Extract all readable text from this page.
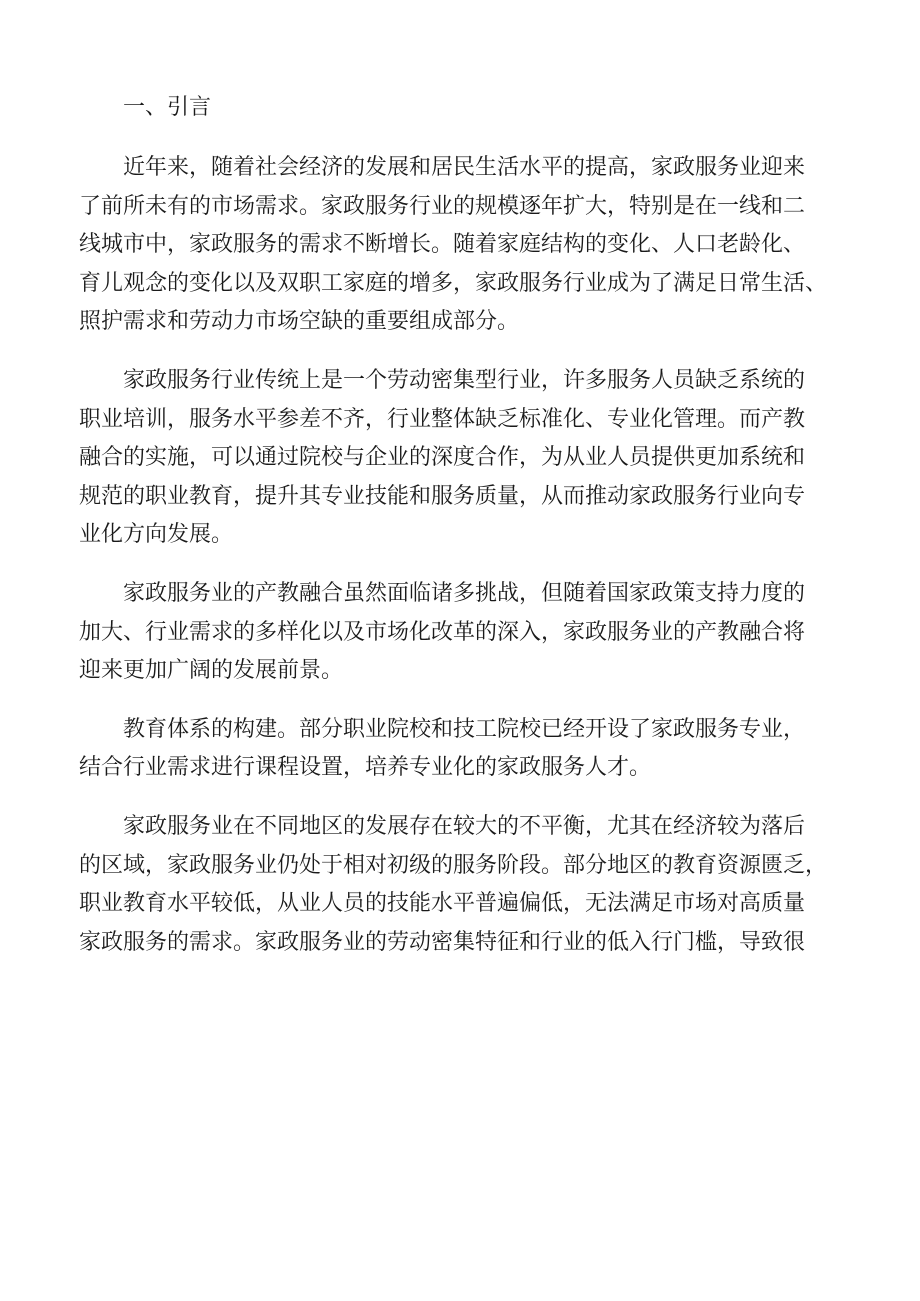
一、引言
近年来，随着社会经济的发展和居民生活水平的提高，家政服务业迎来
了前所未有的市场需求。家政服务行业的规模逐年扩大，特别是在一线和二
线城市中，家政服务的需求不断增长。随着家庭结构的变化、人口老龄化、
育儿观念的变化以及双职工家庭的增多，家政服务行业成为了满足日常生活、
照护需求和劳动力市场空缺的重要组成部分。
家政服务行业传统上是一个劳动密集型行业，许多服务人员缺乏系统的
职业培训，服务水平参差不齐，行业整体缺乏标准化、专业化管理。而产教
融合的实施，可以通过院校与企业的深度合作，为从业人员提供更加系统和
规范的职业教育，提升其专业技能和服务质量，从而推动家政服务行业向专
业化方向发展。
家政服务业的产教融合虽然面临诸多挑战，但随着国家政策支持力度的
加大、行业需求的多样化以及市场化改革的深入，家政服务业的产教融合将
迎来更加广阔的发展前景。
教育体系的构建。部分职业院校和技工院校已经开设了家政服务专业，
结合行业需求进行课程设置，培养专业化的家政服务人才。
家政服务业在不同地区的发展存在较大的不平衡，尤其在经济较为落后
的区域，家政服务业仍处于相对初级的服务阶段。部分地区的教育资源匮乏，
职业教育水平较低，从业人员的技能水平普遍偏低，无法满足市场对高质量
家政服务的需求。家政服务业的劳动密集特征和行业的低入行门槛，导致很
